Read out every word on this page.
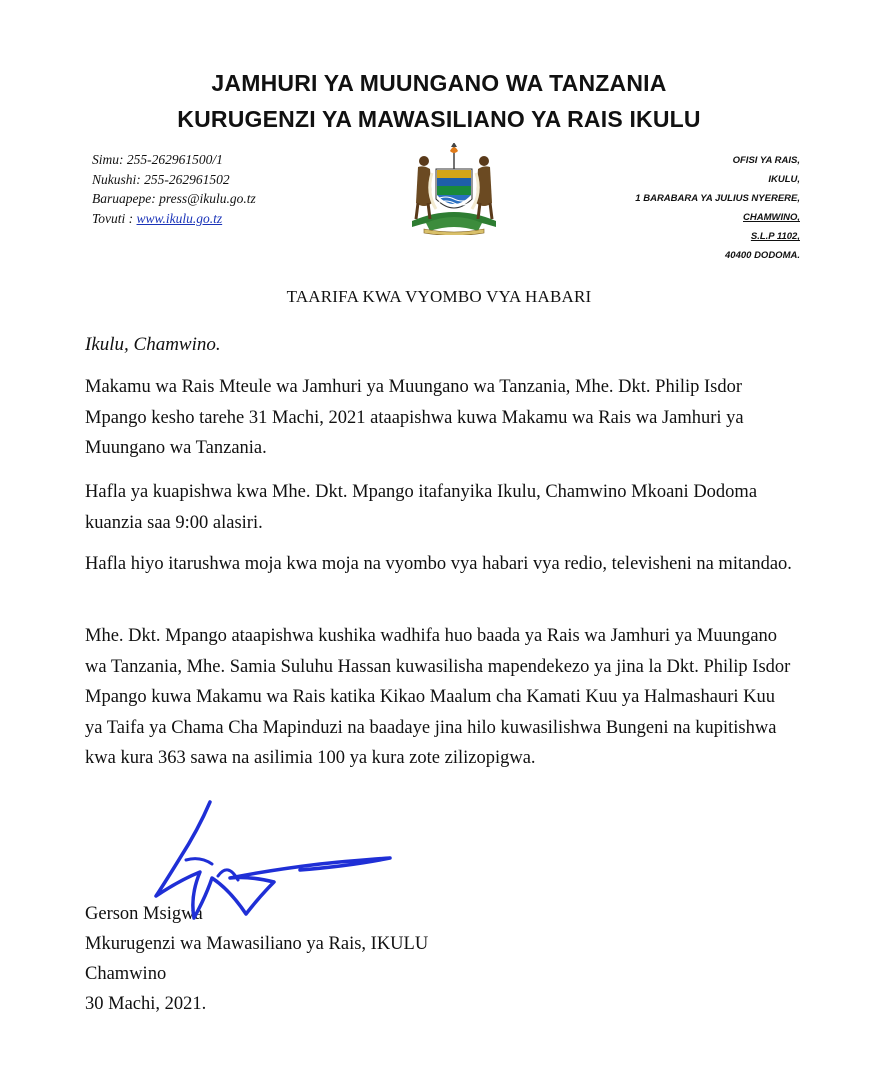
JAMHURI YA MUUNGANO WA TANZANIA
KURUGENZI YA MAWASILIANO YA RAIS IKULU
Simu: 255-262961500/1
Nukushi: 255-262961502
Baruapepe: press@ikulu.go.tz
Tovuti : www.ikulu.go.tz
OFISI YA RAIS,
IKULU,
1 BARABARA YA JULIUS NYERERE,
CHAMWINO,
S.L.P 1102,
40400 DODOMA.
TAARIFA KWA VYOMBO VYA HABARI
Ikulu, Chamwino.

Makamu wa Rais Mteule wa Jamhuri ya Muungano wa Tanzania, Mhe. Dkt. Philip Isdor Mpango kesho tarehe 31 Machi, 2021 ataapishwa kuwa Makamu wa Rais wa Jamhuri ya Muungano wa Tanzania.

Hafla ya kuapishwa kwa Mhe. Dkt. Mpango itafanyika Ikulu, Chamwino Mkoani Dodoma kuanzia saa 9:00 alasiri.

Hafla hiyo itarushwa moja kwa moja na vyombo vya habari vya redio, televisheni na mitandao.

Mhe. Dkt. Mpango ataapishwa kushika wadhifa huo baada ya Rais wa Jamhuri ya Muungano wa Tanzania, Mhe. Samia Suluhu Hassan kuwasilisha mapendekezo ya jina la Dkt. Philip Isdor Mpango kuwa Makamu wa Rais katika Kikao Maalum cha Kamati Kuu ya Halmashauri Kuu ya Taifa ya Chama Cha Mapinduzi na baadaye jina hilo kuwasilishwa Bungeni na kupitishwa kwa kura 363 sawa na asilimia 100 ya kura zote zilizopigwa.

Gerson Msigwa
Mkurugenzi wa Mawasiliano ya Rais, IKULU
Chamwino
30 Machi, 2021.
